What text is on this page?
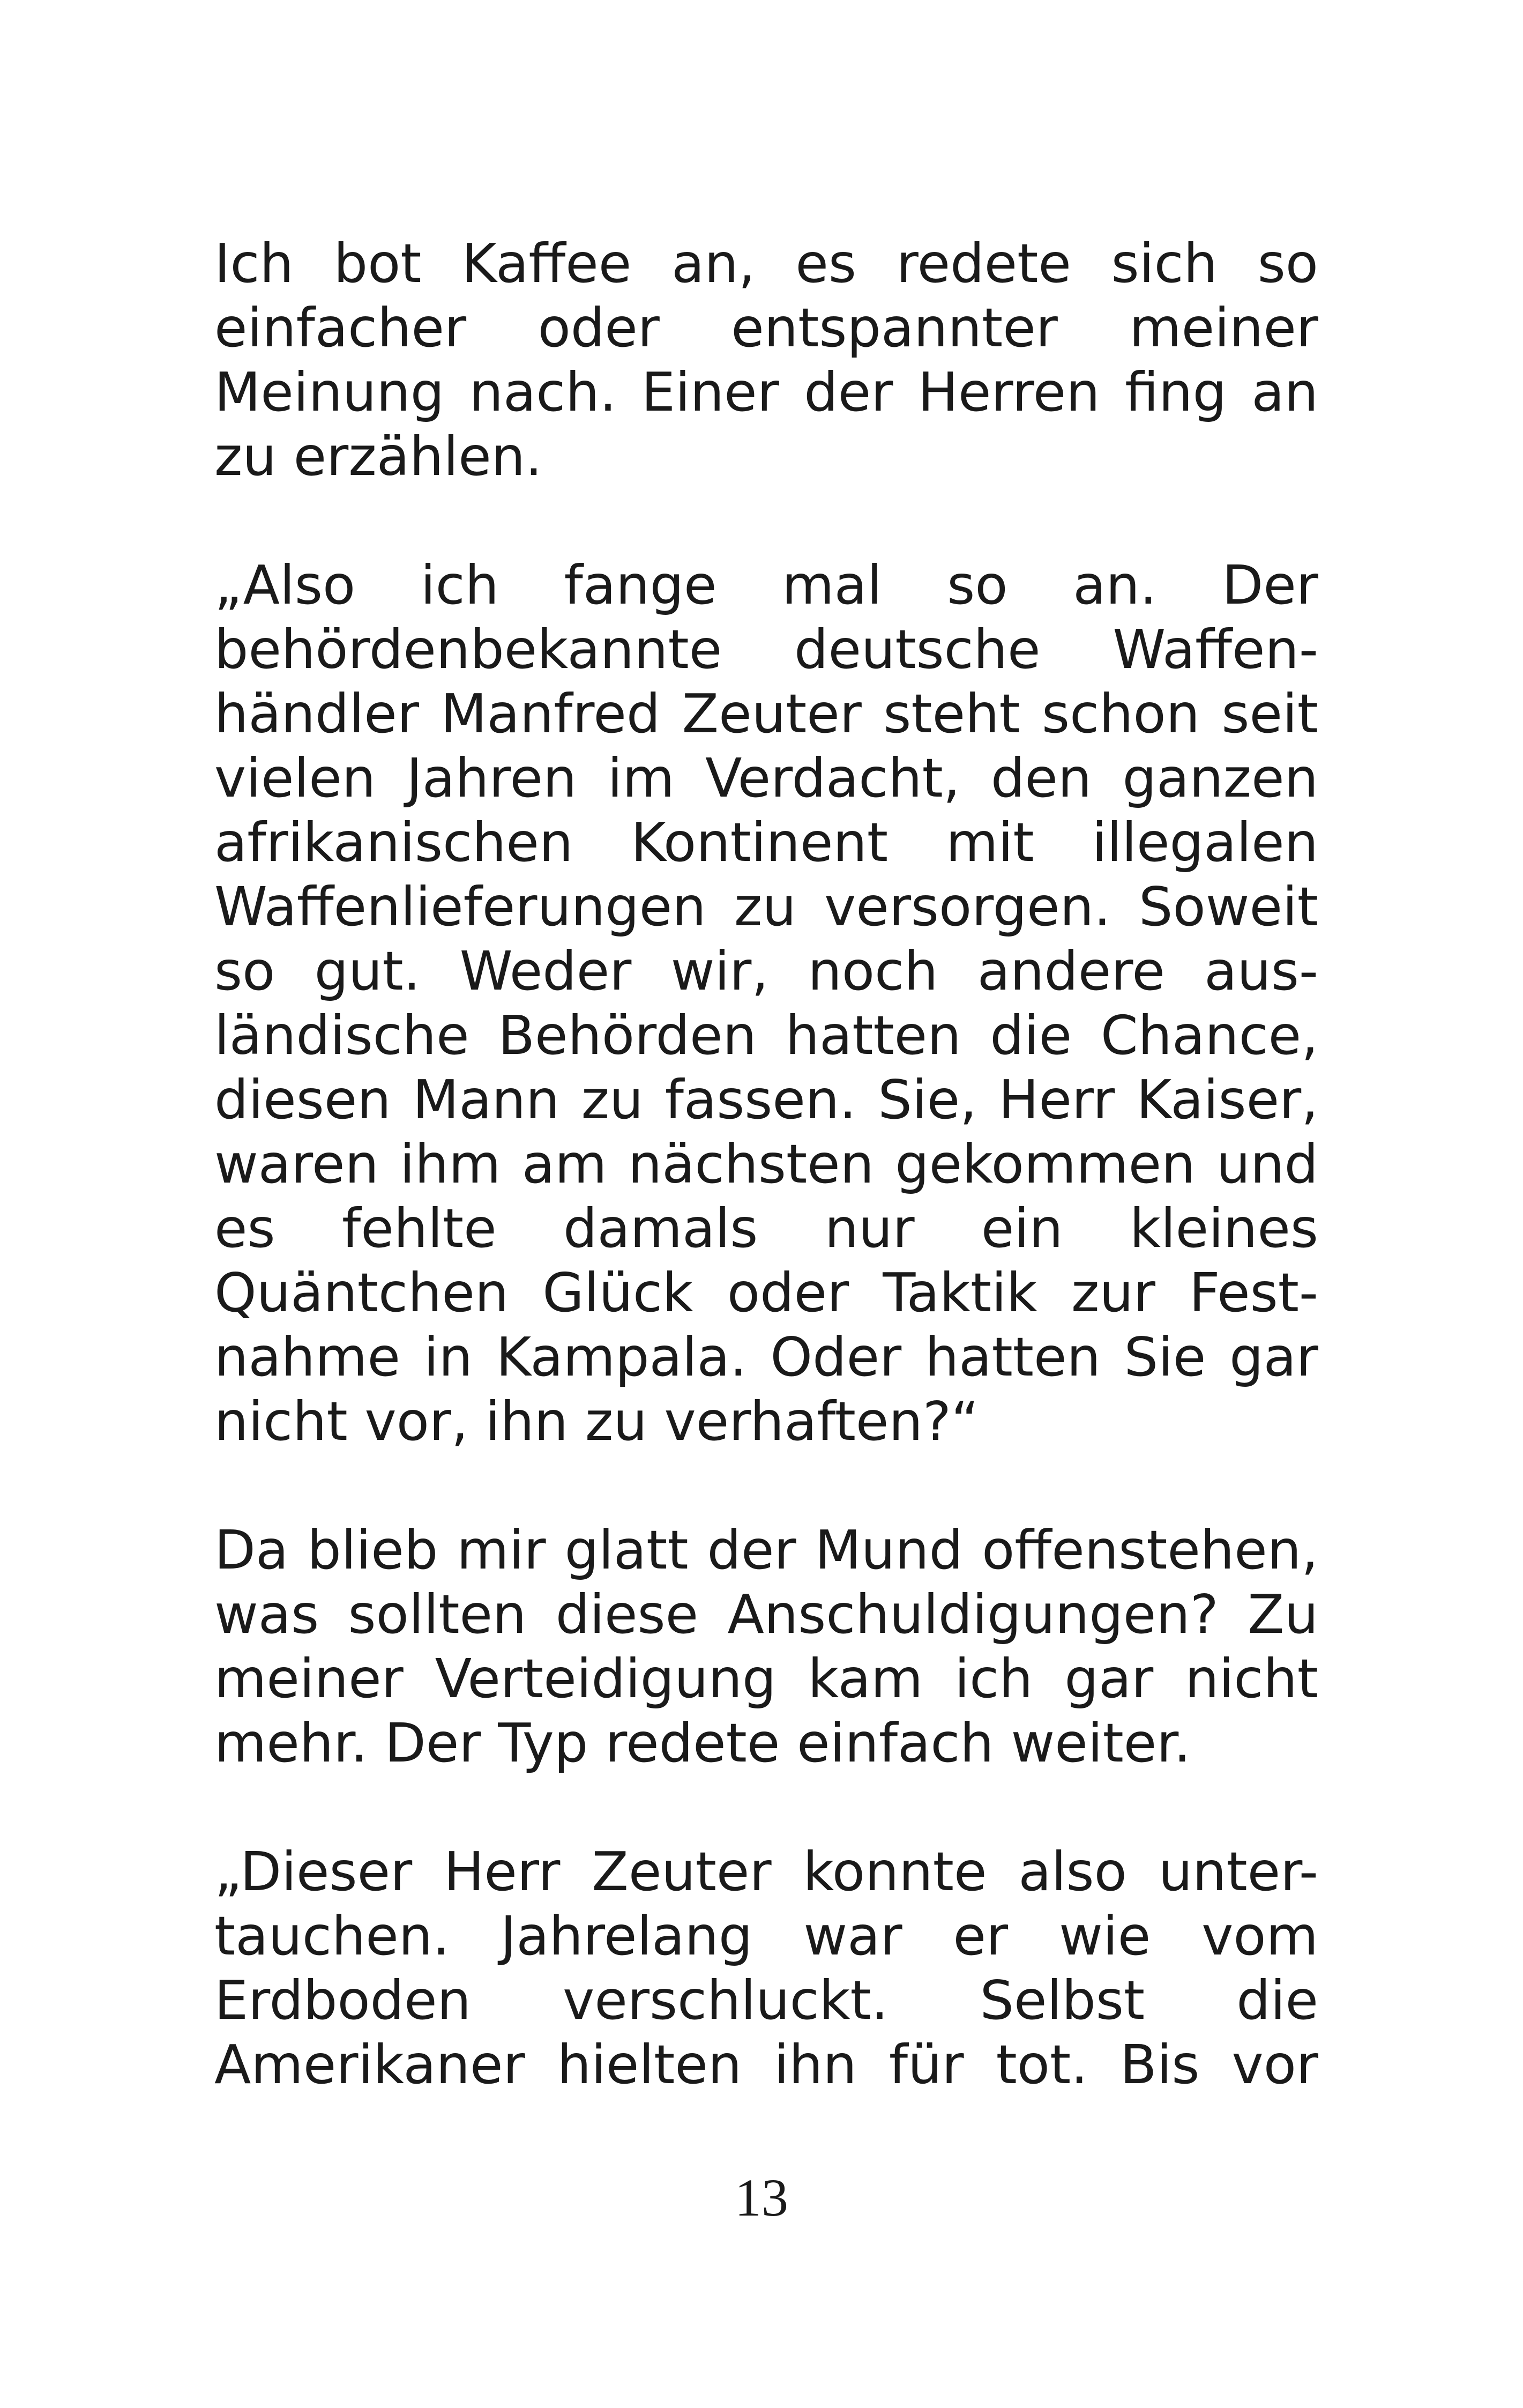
Ich bot Kaffee an, es redete sich so
einfacher oder entspannter meiner
Meinung nach. Einer der Herren fing an
zu erzählen.

„Also ich fange mal so an. Der
behördenbekannte deutsche Waffen-
händler Manfred Zeuter steht schon seit
vielen Jahren im Verdacht, den ganzen
afrikanischen Kontinent mit illegalen
Waffenlieferungen zu versorgen. Soweit
so gut. Weder wir, noch andere aus-
ländische Behörden hatten die Chance,
diesen Mann zu fassen. Sie, Herr Kaiser,
waren ihm am nächsten gekommen und
es fehlte damals nur ein kleines
Quäntchen Glück oder Taktik zur Fest-
nahme in Kampala. Oder hatten Sie gar
nicht vor, ihn zu verhaften?“

Da blieb mir glatt der Mund offenstehen,
was sollten diese Anschuldigungen? Zu
meiner Verteidigung kam ich gar nicht
mehr. Der Typ redete einfach weiter.

„Dieser Herr Zeuter konnte also unter-
tauchen. Jahrelang war er wie vom
Erdboden verschluckt. Selbst die
Amerikaner hielten ihn für tot. Bis vor

13
